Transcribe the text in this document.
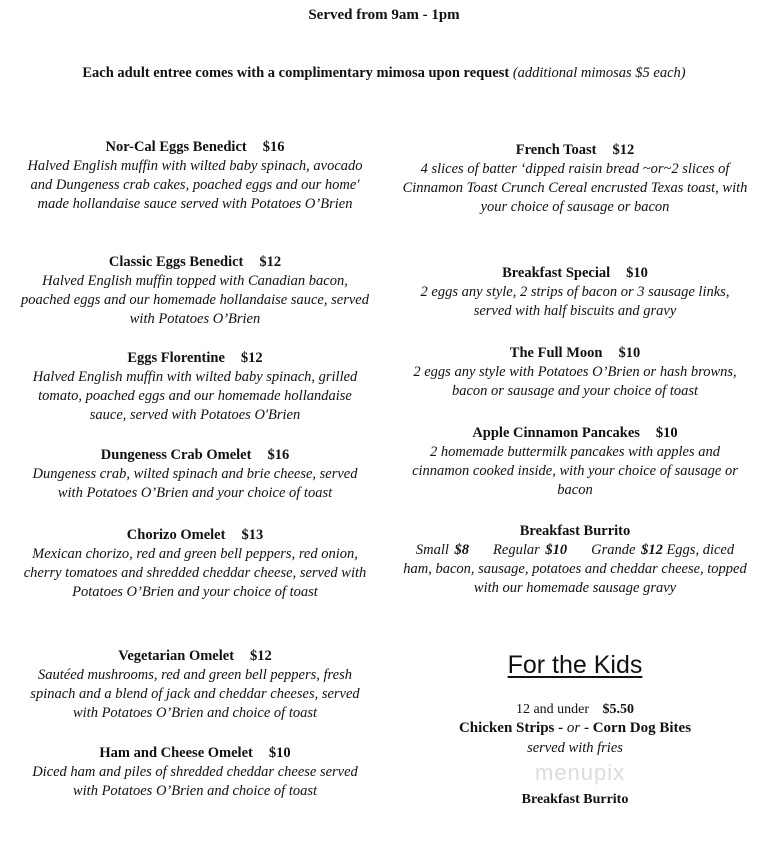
Served from 9am - 1pm
Each adult entree comes with a complimentary mimosa upon request (additional mimosas $5 each)
Nor-Cal Eggs Benedict $16
Halved English muffin with wilted baby spinach, avocado and Dungeness crab cakes, poached eggs and our home' made hollandaise sauce served with Potatoes O’Brien
Classic Eggs Benedict $12
Halved English muffin topped with Canadian bacon, poached eggs and our homemade hollandaise sauce, served with Potatoes O’Brien
Eggs Florentine $12
Halved English muffin with wilted baby spinach, grilled tomato, poached eggs and our homemade hollandaise sauce, served with Potatoes O'Brien
Dungeness Crab Omelet $16
Dungeness crab, wilted spinach and brie cheese, served with Potatoes O’Brien and your choice of toast
Chorizo Omelet $13
Mexican chorizo, red and green bell peppers, red onion, cherry tomatoes and shredded cheddar cheese, served with Potatoes O’Brien and your choice of toast
Vegetarian Omelet $12
Sautéed mushrooms, red and green bell peppers, fresh spinach and a blend of jack and cheddar cheeses, served with Potatoes O’Brien and choice of toast
Ham and Cheese Omelet $10
Diced ham and piles of shredded cheddar cheese served with Potatoes O’Brien and choice of toast
French Toast $12
4 slices of batter ‘dipped raisin bread ~or~2 slices of Cinnamon Toast Crunch Cereal encrusted Texas toast, with your choice of sausage or bacon
Breakfast Special $10
2 eggs any style, 2 strips of bacon or 3 sausage links, served with half biscuits and gravy
The Full Moon $10
2 eggs any style with Potatoes O’Brien or hash browns, bacon or sausage and your choice of toast
Apple Cinnamon Pancakes $10
2 homemade buttermilk pancakes with apples and cinnamon cooked inside, with your choice of sausage or bacon
Breakfast Burrito
Small $8 Regular $10 Grande $12 Eggs, diced ham, bacon, sausage, potatoes and cheddar cheese, topped with our homemade sausage gravy
For the Kids
12 and under $5.50
Chicken Strips - or - Corn Dog Bites
served with fries
menupix
Breakfast Burrito
